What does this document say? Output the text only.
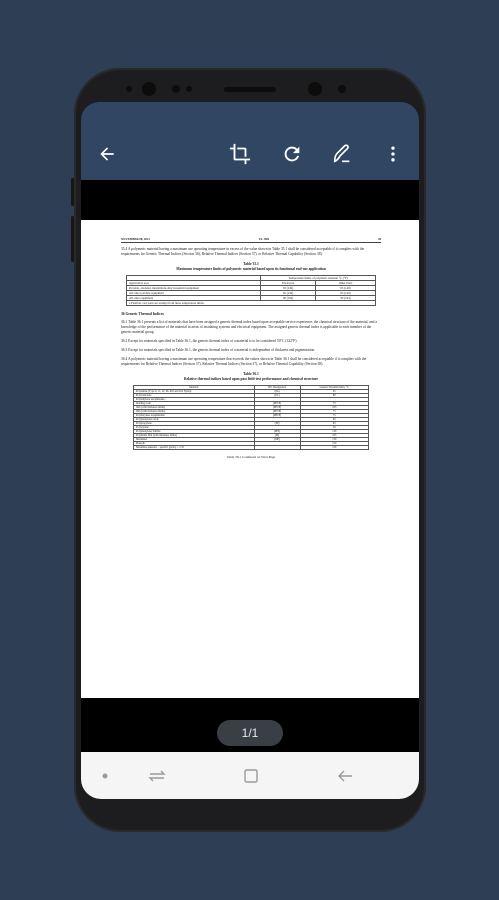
NOVEMBER 08, 2021	UL 1581	49

35.4 A polymeric material having a maximum use operating temperature in excess of the value shown in Table 35.1 shall be considered acceptable if it complies with the requirements for Generic Thermal Indices (Section 36), Relative Thermal Indices (Section 37), or Relative Thermal Capability (Section 38).

Table 35.1
Maximum temperature limits of polymeric material based upon its functional end-use application
	Temperature limits of polymeric material °C (°F)	
Application area	Enclosure	Other Parts
Portable, attended, intermittent-duty household equipment	65 (149)	65 (149)
All other portable equipment	65 (149)	65 (149)
All other equipment	90 (194)	90 (194)
a Flexible cord parts are exempt from these temperature limits.		
36 Generic Thermal Indices

36.1 Table 36.1 presents a list of materials that have been assigned a generic thermal index based upon acceptable service experience, the chemical structure of the material, and a knowledge of the performance of the material in areas of insulating systems and electrical equipment. The assigned generic thermal index is applicable to each member of the generic material group.

36.2 Except for materials specified in Table 36.1, the generic thermal index of a material is to be considered 50°C (122°F).

36.3 Except for materials specified in Table 36.1, the generic thermal index of a material is independent of thickness and pigmentation.

36.4 A polymeric material having a maximum use operating temperature that exceeds the values shown in Table 36.1 shall be considered acceptable if it complies with the requirements for Relative Thermal Indices (Section 37), Relative Thermal Indices (Section 37), or Relative Thermal Capability (Section 38).

Table 36.1
Relative thermal indices based upon past field-test performance and chemical structure
Material	IEC Designation	Generic Thermal Index, °C
Polyamide (Type 6, 11, 12, 66, 610 and 612 Nylon)	(PA)	65
Polycarbonate	(PC)	80
Polyethylene terephthalate –		
molding resin	(PETP)	75
film (with thickness limits)	(PETP)	105
film (with thickness limits)	(PETP)	75
Polybutylene terephthalate	(PBTP)	75
Polyphenylene oxide		65
Polypropylene	(PP)	65
Polystyrene		50
Polyphenylene Sulfide	(PPS)	130
Polyimide film (with thickness limits)	(PI)	105
Melamine	(MF)	130
Phenolic		150
Melamine-phenolic – specific gravity ≥ 1.55		150
Table 36.1 Continued on Next Page
1/1
